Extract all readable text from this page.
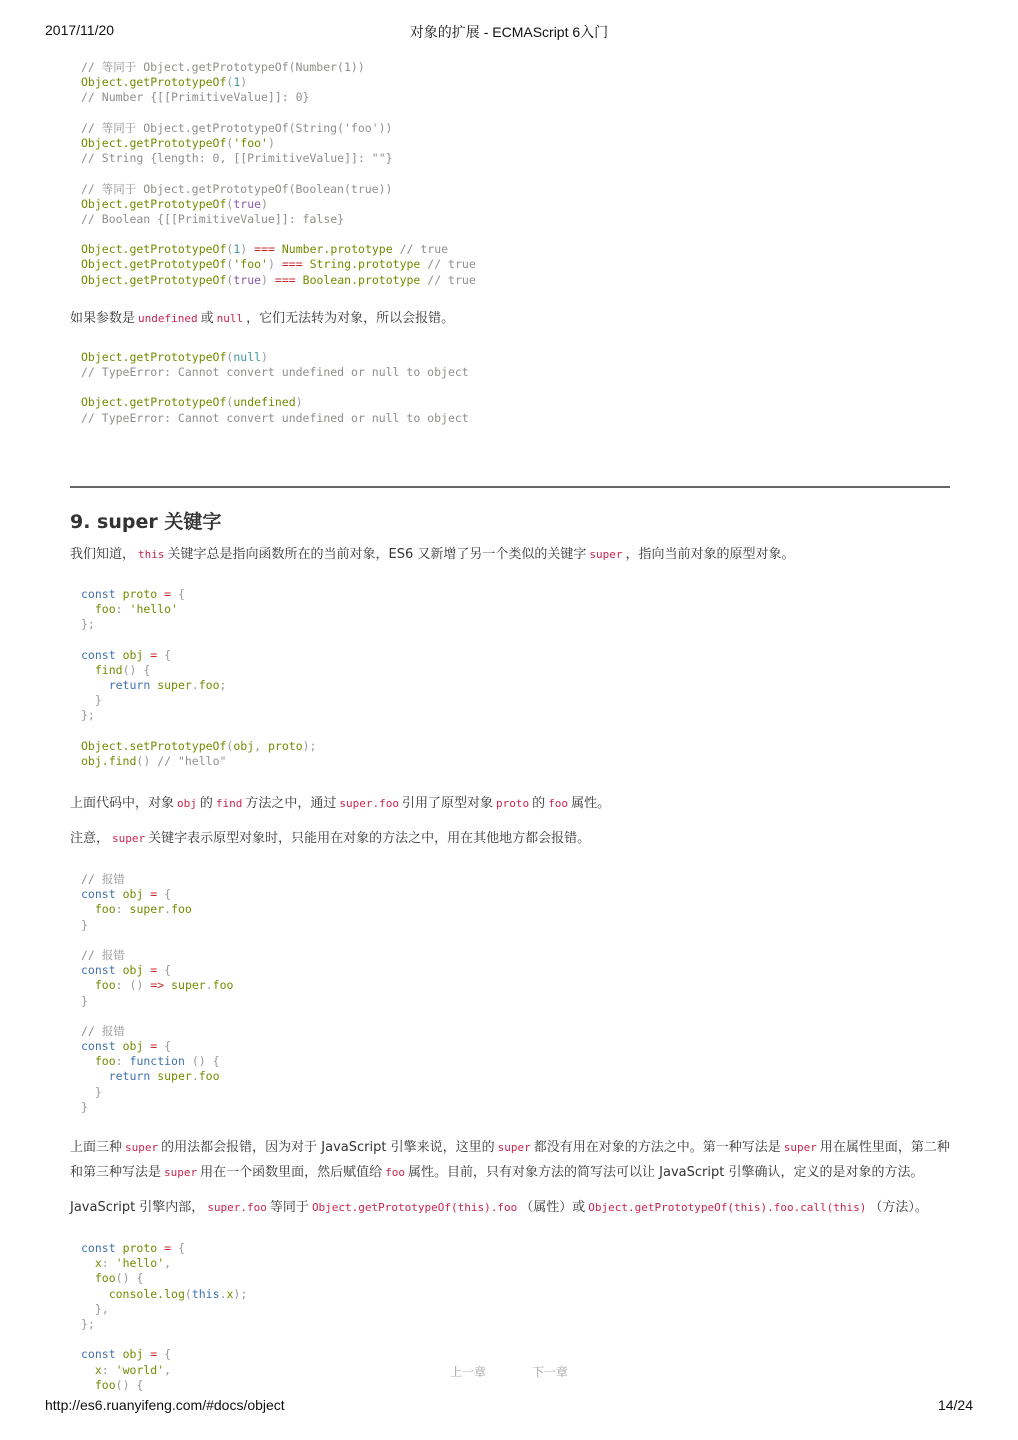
2017/11/20	对象的扩展 - ECMAScript 6入门
// 等同于 Object.getPrototypeOf(Number(1))
Object.getPrototypeOf(1)
// Number {[[PrimitiveValue]]: 0}
// 等同于 Object.getPrototypeOf(String('foo'))
Object.getPrototypeOf('foo')
// String {length: 0, [[PrimitiveValue]]: ""}
// 等同于 Object.getPrototypeOf(Boolean(true))
Object.getPrototypeOf(true)
// Boolean {[[PrimitiveValue]]: false}
Object.getPrototypeOf(1) === Number.prototype // true
Object.getPrototypeOf('foo') === String.prototype // true
Object.getPrototypeOf(true) === Boolean.prototype // true

如果参数是 undefined 或 null ，它们无法转为对象，所以会报错。

Object.getPrototypeOf(null)
// TypeError: Cannot convert undefined or null to object
Object.getPrototypeOf(undefined)
// TypeError: Cannot convert undefined or null to object
9. super 关键字

我们知道， this 关键字总是指向函数所在的当前对象，ES6 又新增了另一个类似的关键字 super ，指向当前对象的原型对象。

const proto = {
foo: 'hello'
};
const obj = {
find() {
return super.foo;
}
};
Object.setPrototypeOf(obj, proto);
obj.find() // "hello"

上面代码中，对象 obj 的 find 方法之中，通过 super.foo 引用了原型对象 proto 的 foo 属性。

注意， super 关键字表示原型对象时，只能用在对象的方法之中，用在其他地方都会报错。

// 报错
const obj = {
foo: super.foo
}
// 报错
const obj = {
foo: () => super.foo
}
// 报错
const obj = {
foo: function () {
return super.foo
}
}

上面三种 super 的用法都会报错，因为对于 JavaScript 引擎来说，这里的 super 都没有用在对象的方法之中。第一种写法是 super 用在属性里面，第二种和第三种写法是 super 用在一个函数里面，然后赋值给 foo 属性。目前，只有对象方法的简写法可以让 JavaScript 引擎确认，定义的是对象的方法。

JavaScript 引擎内部， super.foo 等同于 Object.getPrototypeOf(this).foo （属性）或 Object.getPrototypeOf(this).foo.call(this) （方法）。

const proto = {
x: 'hello',
foo() {
console.log(this.x);
},
};
const obj = {
x: 'world',
foo() {
上一章	下一章
http://es6.ruanyifeng.com/#docs/object	14/24
